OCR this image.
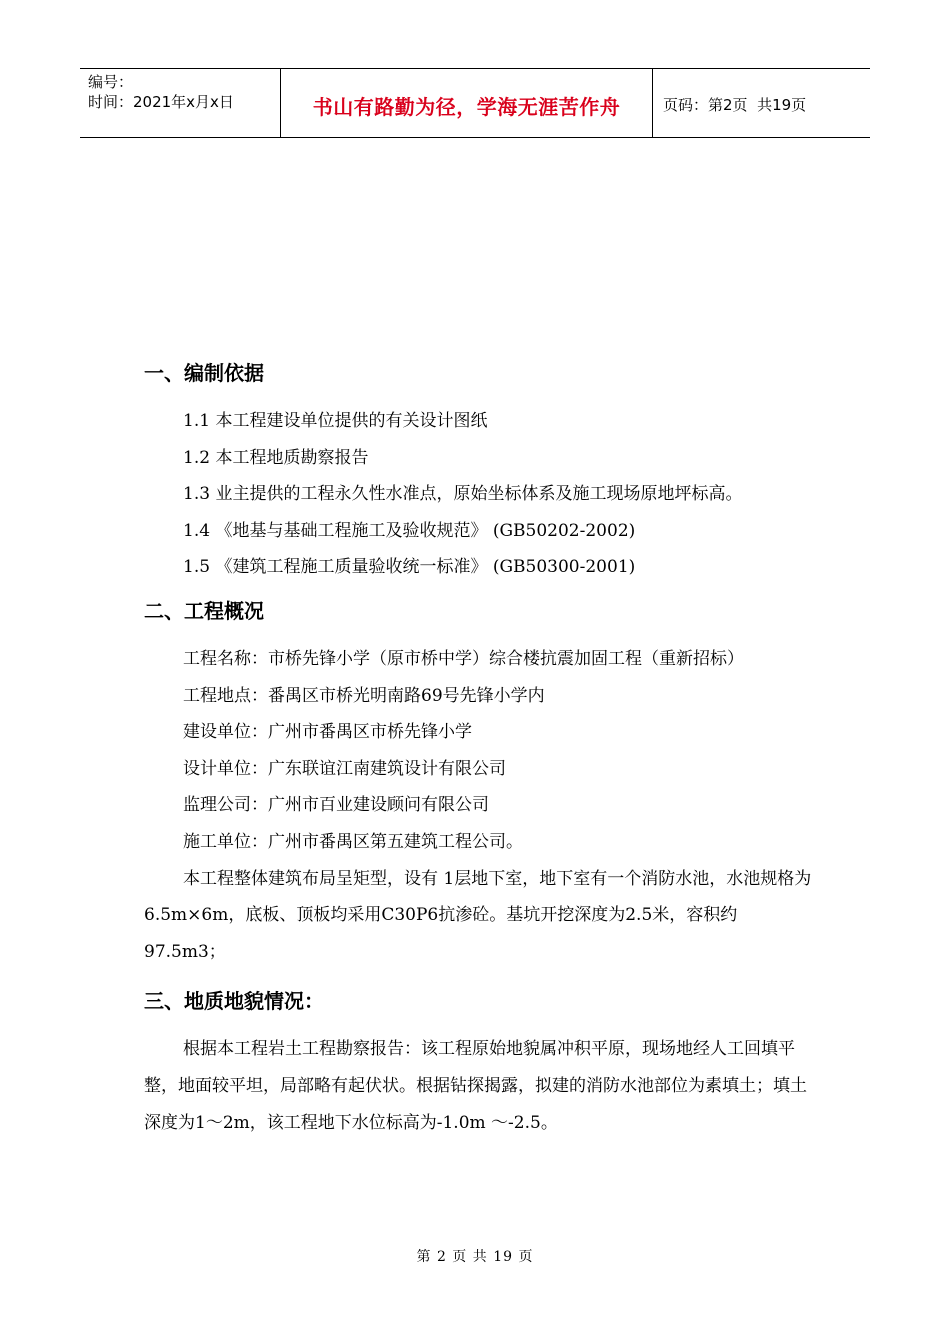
编号：
时间：2021年x月x日	书山有路勤为径，学海无涯苦作舟	页码：第2页  共19页
一、编制依据

1.1 本工程建设单位提供的有关设计图纸

1.2 本工程地质勘察报告

1.3 业主提供的工程永久性水准点，原始坐标体系及施工现场原地坪标高。

1.4 《地基与基础工程施工及验收规范》 (GB50202-2002)

1.5 《建筑工程施工质量验收统一标准》 (GB50300-2001)

二、工程概况

工程名称：市桥先锋小学（原市桥中学）综合楼抗震加固工程（重新招标）

工程地点：番禺区市桥光明南路69号先锋小学内

建设单位：广州市番禺区市桥先锋小学

设计单位：广东联谊江南建筑设计有限公司

监理公司：广州市百业建设顾问有限公司

施工单位：广州市番禺区第五建筑工程公司。

本工程整体建筑布局呈矩型，设有 1层地下室，地下室有一个消防水池，水池规格为6.5m×6m，底板、顶板均采用C30P6抗渗砼。基坑开挖深度为2.5米，容积约97.5m3；

三、地质地貌情况：

根据本工程岩土工程勘察报告：该工程原始地貌属冲积平原，现场地经人工回填平整，地面较平坦，局部略有起伏状。根据钻探揭露，拟建的消防水池部位为素填土；填土深度为1～2m，该工程地下水位标高为-1.0m ～-2.5。

第 2 页 共 19 页
